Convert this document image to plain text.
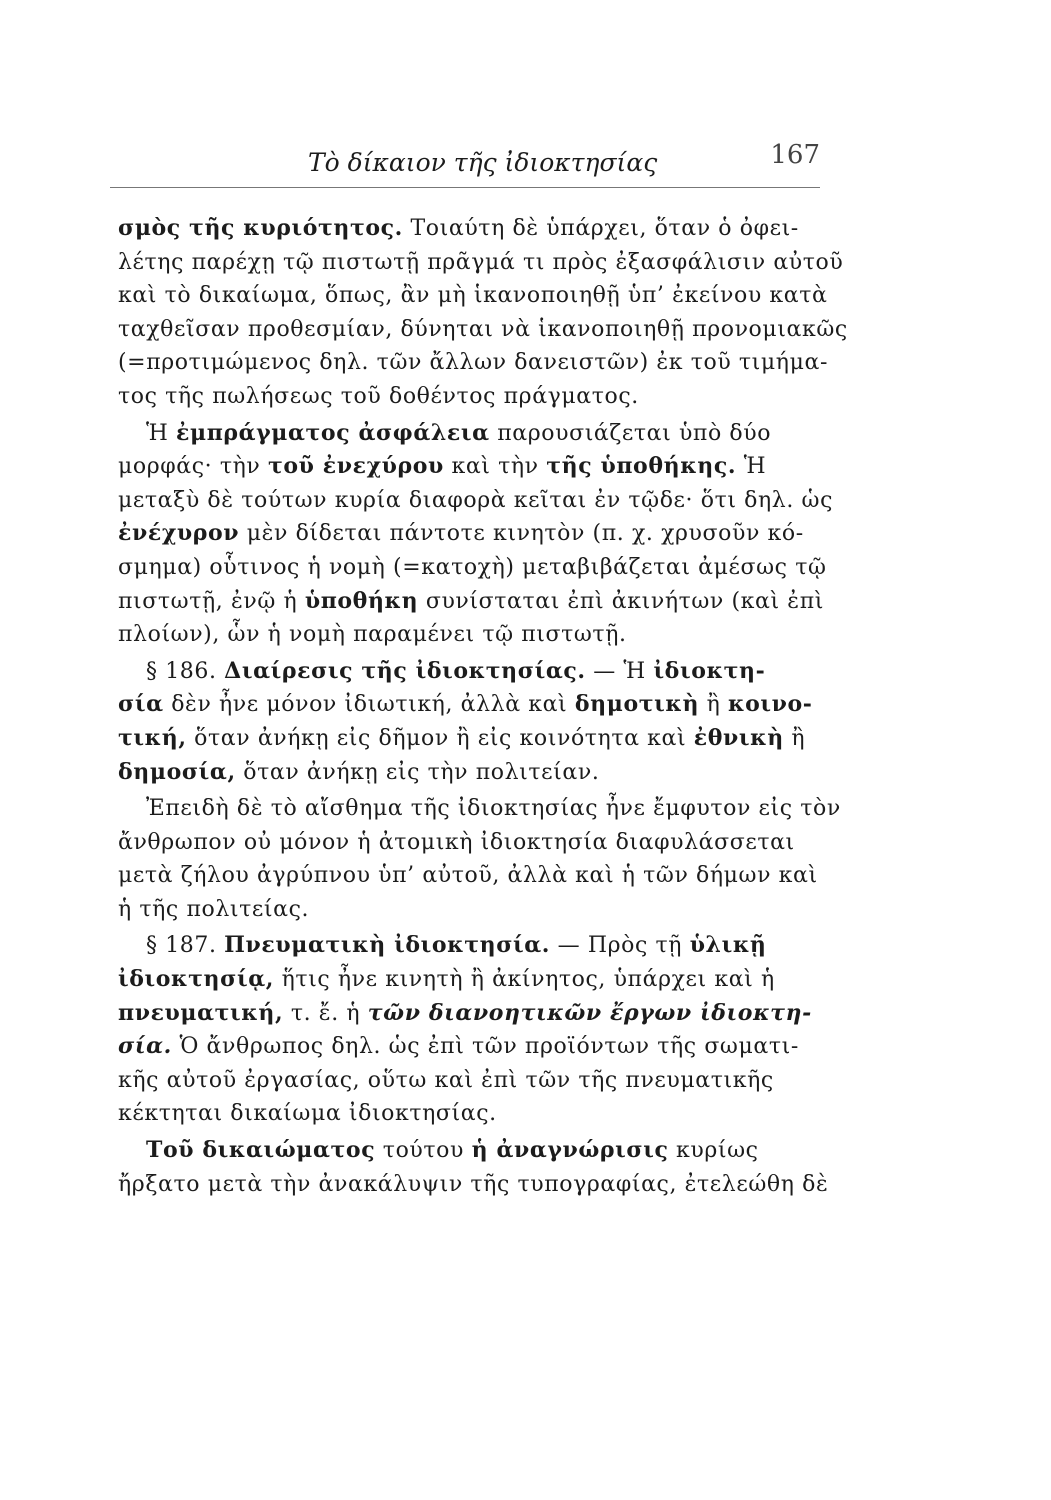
Τὸ δίκαιον τῆς ἰδιοκτησίας	167
σμὸς τῆς κυριότητος. Τοιαύτη δὲ ὑπάρχει, ὅταν ὁ ὀφει-
λέτης παρέχῃ τῷ πιστωτῇ πρᾶγμά τι πρὸς ἐξασφάλισιν αὐτοῦ
καὶ τὸ δικαίωμα, ὅπως, ἂν μὴ ἱκανοποιηθῇ ὑπ’ ἐκείνου κατὰ
ταχθεῖσαν προθεσμίαν, δύνηται νὰ ἱκανοποιηθῇ προνομιακῶς
(=προτιμώμενος δηλ. τῶν ἄλλων δανειστῶν) ἐκ τοῦ τιμήμα-
τος τῆς πωλήσεως τοῦ δοθέντος πράγματος.
Ἡ ἐμπράγματος ἀσφάλεια παρουσιάζεται ὑπὸ δύο
μορφάς· τὴν τοῦ ἐνεχύρου καὶ τὴν τῆς ὑποθήκης. Ἡ
μεταξὺ δὲ τούτων κυρία διαφορὰ κεῖται ἐν τῷδε· ὅτι δηλ. ὡς
ἐνέχυρον μὲν δίδεται πάντοτε κινητὸν (π. χ. χρυσοῦν κό-
σμημα) οὗτινος ἡ νομὴ (=κατοχὴ) μεταβιβάζεται ἀμέσως τῷ
πιστωτῇ, ἐνῷ ἡ ὑποθήκη συνίσταται ἐπὶ ἀκινήτων (καὶ ἐπὶ
πλοίων), ὧν ἡ νομὴ παραμένει τῷ πιστωτῇ.
§ 186. Διαίρεσις τῆς ἰδιοκτησίας. — Ἡ ἰδιοκτη-
σία δὲν ἦνε μόνον ἰδιωτική, ἀλλὰ καὶ δημοτικὴ ἢ κοινο-
τική, ὅταν ἀνήκῃ εἰς δῆμον ἢ εἰς κοινότητα καὶ ἐθνικὴ ἢ
δημοσία, ὅταν ἀνήκῃ εἰς τὴν πολιτείαν.
Ἐπειδὴ δὲ τὸ αἴσθημα τῆς ἰδιοκτησίας ἦνε ἔμφυτον εἰς τὸν
ἄνθρωπον οὐ μόνον ἡ ἀτομικὴ ἰδιοκτησία διαφυλάσσεται
μετὰ ζήλου ἀγρύπνου ὑπ’ αὐτοῦ, ἀλλὰ καὶ ἡ τῶν δήμων καὶ
ἡ τῆς πολιτείας.
§ 187. Πνευματικὴ ἰδιοκτησία. — Πρὸς τῇ ὑλικῇ
ἰδιοκτησίᾳ, ἥτις ἦνε κινητὴ ἢ ἀκίνητος, ὑπάρχει καὶ ἡ
πνευματική, τ. ἔ. ἡ τῶν διανοητικῶν ἔργων ἰδιοκτη-
σία. Ὁ ἄνθρωπος δηλ. ὡς ἐπὶ τῶν προϊόντων τῆς σωματι-
κῆς αὐτοῦ ἐργασίας, οὕτω καὶ ἐπὶ τῶν τῆς πνευματικῆς
κέκτηται δικαίωμα ἰδιοκτησίας.
Τοῦ δικαιώματος τούτου ἡ ἀναγνώρισις κυρίως
ἤρξατο μετὰ τὴν ἀνακάλυψιν τῆς τυπογραφίας, ἐτελεώθη δὲ
